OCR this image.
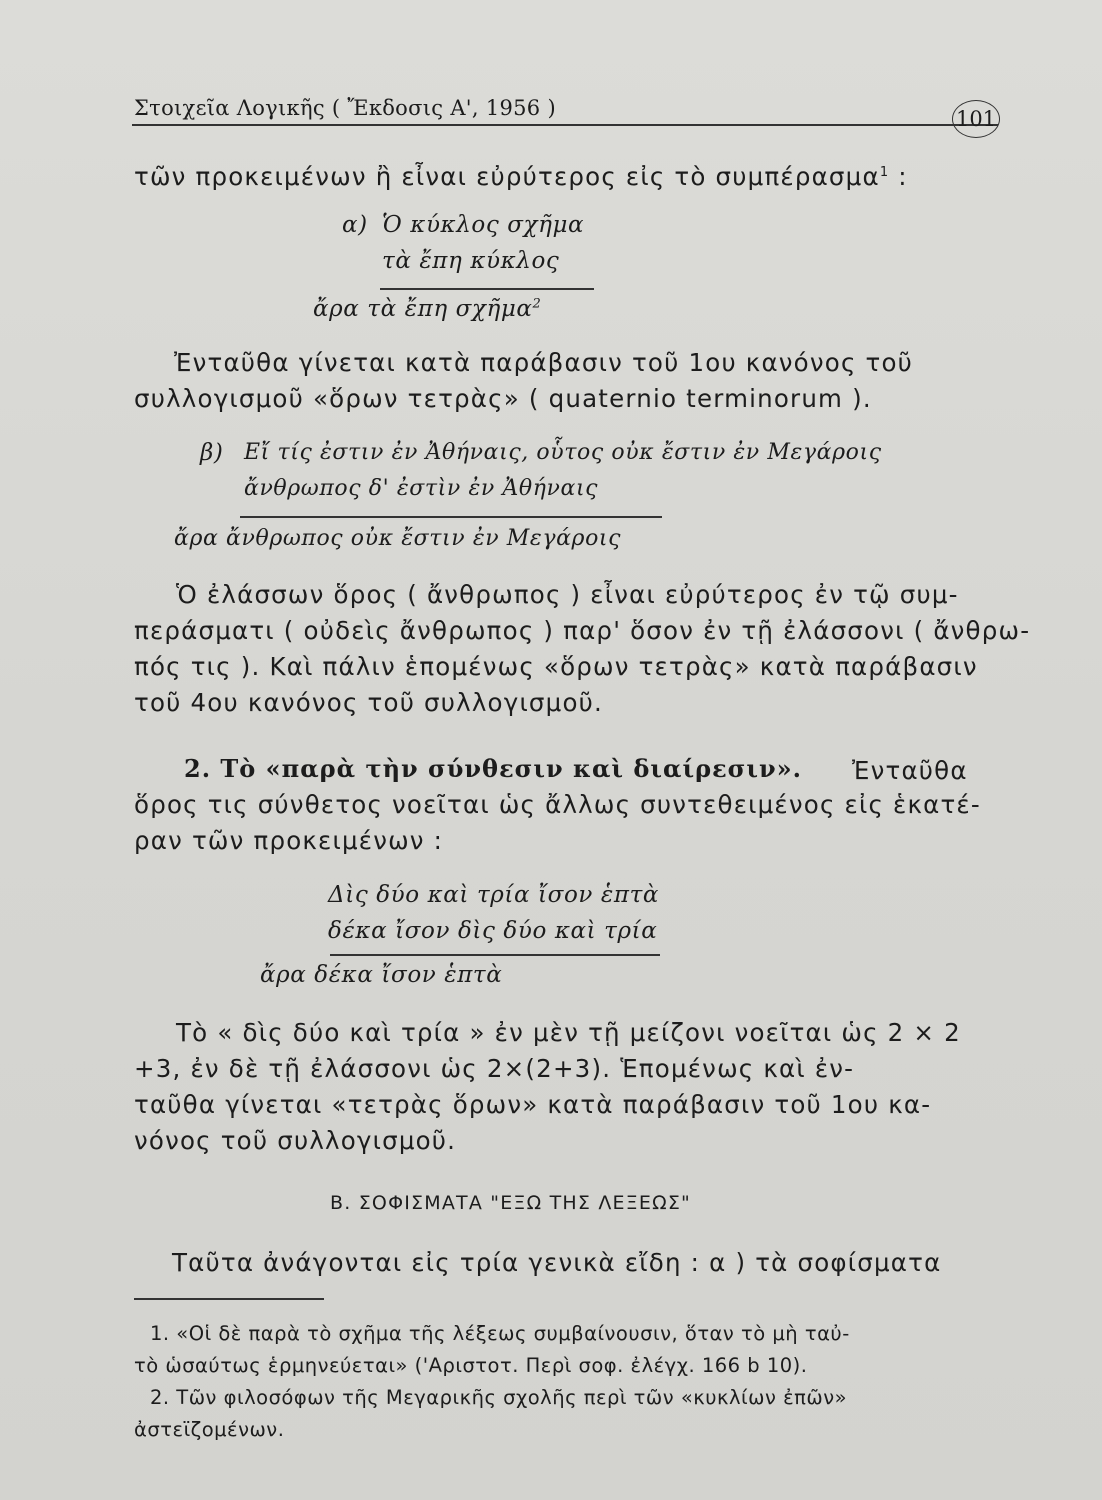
Στοιχεῖα Λογικῆς ( Ἔκδοσις Α', 1956 )	101
τῶν προκειμένων ἢ εἶναι εὐρύτερος εἰς τὸ συμπέρασμα$^1$ :
α) Ὁ κύκλος σχῆμα
τὰ ἔπη κύκλος
ἄρα τὰ ἔπη σχῆμα$^2$
Ἐνταῦθα γίνεται κατὰ παράβασιν τοῦ 1ου κανόνος τοῦ
συλλογισμοῦ «ὅρων τετρὰς» ( quaternio terminorum ).
β) Εἴ τίς ἐστιν ἐν Ἀθήναις, οὗτος οὐκ ἔστιν ἐν Μεγάροις
ἄνθρωπος δ' ἐστὶν ἐν Ἀθήναις
ἄρα ἄνθρωπος οὐκ ἔστιν ἐν Μεγάροις
Ὁ ἐλάσσων ὅρος ( ἄνθρωπος ) εἶναι εὐρύτερος ἐν τῷ συμ-
περάσματι ( οὐδεὶς ἄνθρωπος ) παρ' ὅσον ἐν τῇ ἐλάσσονι ( ἄνθρω-
πός τις ). Καὶ πάλιν ἑπομένως «ὅρων τετρὰς» κατὰ παράβασιν
τοῦ 4ου κανόνος τοῦ συλλογισμοῦ.
2. Τὸ «παρὰ τὴν σύνθεσιν καὶ διαίρεσιν». Ἐνταῦθα
ὅρος τις σύνθετος νοεῖται ὡς ἄλλως συντεθειμένος εἰς ἑκατέ-
ραν τῶν προκειμένων :
Δὶς δύο καὶ τρία ἴσον ἑπτὰ
δέκα ἴσον δὶς δύο καὶ τρία
ἄρα δέκα ἴσον ἑπτὰ
Τὸ « δὶς δύο καὶ τρία » ἐν μὲν τῇ μείζονι νοεῖται ὡς 2 × 2
+3, ἐν δὲ τῇ ἐλάσσονι ὡς 2×(2+3). Ἑπομένως καὶ ἐν-
ταῦθα γίνεται «τετρὰς ὅρων» κατὰ παράβασιν τοῦ 1ου κα-
νόνος τοῦ συλλογισμοῦ.
Β. ΣΟΦΙΣΜΑΤΑ "ΕΞΩ ΤΗΣ ΛΕΞΕΩΣ"
Ταῦτα ἀνάγονται εἰς τρία γενικὰ εἴδη : α ) τὰ σοφίσματα
1. «Οἱ δὲ παρὰ τὸ σχῆμα τῆς λέξεως συμβαίνουσιν, ὅταν τὸ μὴ ταὐ-
τὸ ὡσαύτως ἑρμηνεύεται» ('Αριστοτ. Περὶ σοφ. ἐλέγχ. 166 b 10).
2. Τῶν φιλοσόφων τῆς Μεγαρικῆς σχολῆς περὶ τῶν «κυκλίων ἐπῶν»
ἀστεϊζομένων.
